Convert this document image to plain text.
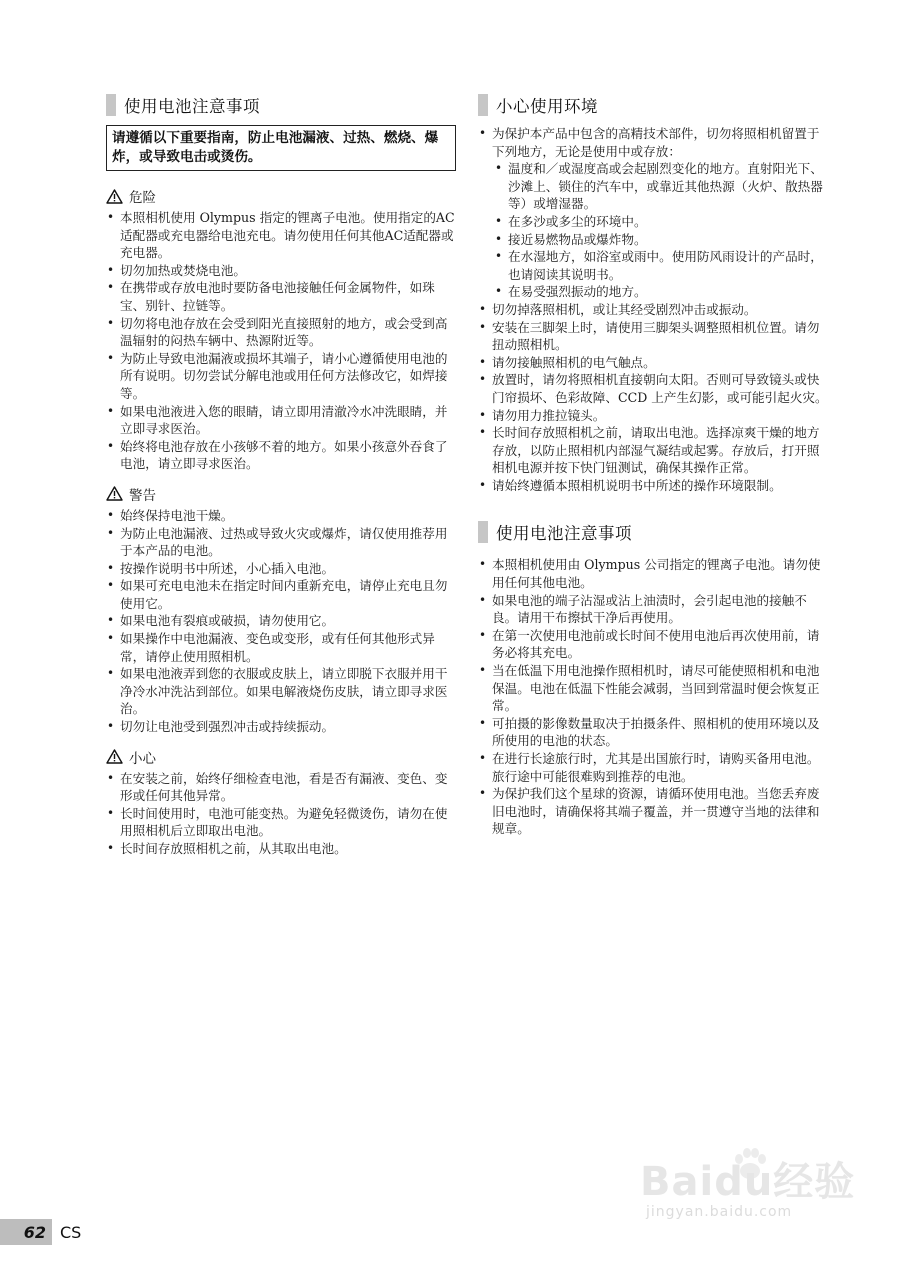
使用电池注意事项
请遵循以下重要指南，防止电池漏液、过热、燃烧、爆炸，或导致电击或烫伤。
危险
• 本照相机使用 Olympus 指定的锂离子电池。使用指定的AC适配器或充电器给电池充电。请勿使用任何其他AC适配器或充电器。
• 切勿加热或焚烧电池。
• 在携带或存放电池时要防备电池接触任何金属物件，如珠宝、别针、拉链等。
• 切勿将电池存放在会受到阳光直接照射的地方，或会受到高温辐射的闷热车辆中、热源附近等。
• 为防止导致电池漏液或损坏其端子，请小心遵循使用电池的所有说明。切勿尝试分解电池或用任何方法修改它，如焊接等。
• 如果电池液进入您的眼睛，请立即用清澈冷水冲洗眼睛，并立即寻求医治。
• 始终将电池存放在小孩够不着的地方。如果小孩意外吞食了电池，请立即寻求医治。
警告
• 始终保持电池干燥。
• 为防止电池漏液、过热或导致火灾或爆炸，请仅使用推荐用于本产品的电池。
• 按操作说明书中所述，小心插入电池。
• 如果可充电电池未在指定时间内重新充电，请停止充电且勿使用它。
• 如果电池有裂痕或破损，请勿使用它。
• 如果操作中电池漏液、变色或变形，或有任何其他形式异常，请停止使用照相机。
• 如果电池液弄到您的衣服或皮肤上，请立即脱下衣服并用干净冷水冲洗沾到部位。如果电解液烧伤皮肤，请立即寻求医治。
• 切勿让电池受到强烈冲击或持续振动。
小心
• 在安装之前，始终仔细检查电池，看是否有漏液、变色、变形或任何其他异常。
• 长时间使用时，电池可能变热。为避免轻微烫伤，请勿在使用照相机后立即取出电池。
• 长时间存放照相机之前，从其取出电池。
小心使用环境
• 为保护本产品中包含的高精技术部件，切勿将照相机留置于下列地方，无论是使用中或存放：
• 温度和／或湿度高或会起剧烈变化的地方。直射阳光下、沙滩上、锁住的汽车中，或靠近其他热源（火炉、散热器等）或增湿器。
• 在多沙或多尘的环境中。
• 接近易燃物品或爆炸物。
• 在水湿地方，如浴室或雨中。使用防风雨设计的产品时，也请阅读其说明书。
• 在易受强烈振动的地方。
• 切勿掉落照相机，或让其经受剧烈冲击或振动。
• 安装在三脚架上时，请使用三脚架头调整照相机位置。请勿扭动照相机。
• 请勿接触照相机的电气触点。
• 放置时，请勿将照相机直接朝向太阳。否则可导致镜头或快门帘损坏、色彩故障、CCD 上产生幻影，或可能引起火灾。
• 请勿用力推拉镜头。
• 长时间存放照相机之前，请取出电池。选择凉爽干燥的地方存放，以防止照相机内部湿气凝结或起雾。存放后，打开照相机电源并按下快门钮测试，确保其操作正常。
• 请始终遵循本照相机说明书中所述的操作环境限制。
使用电池注意事项
• 本照相机使用由 Olympus 公司指定的锂离子电池。请勿使用任何其他电池。
• 如果电池的端子沾湿或沾上油渍时，会引起电池的接触不良。请用干布擦拭干净后再使用。
• 在第一次使用电池前或长时间不使用电池后再次使用前，请务必将其充电。
• 当在低温下用电池操作照相机时，请尽可能使照相机和电池保温。电池在低温下性能会减弱，当回到常温时便会恢复正常。
• 可拍摄的影像数量取决于拍摄条件、照相机的使用环境以及所使用的电池的状态。
• 在进行长途旅行时，尤其是出国旅行时，请购买备用电池。旅行途中可能很难购到推荐的电池。
• 为保护我们这个星球的资源，请循环使用电池。当您丢弃废旧电池时，请确保将其端子覆盖，并一贯遵守当地的法律和规章。
62 CS
Baidu经验
jingyan.baidu.com
